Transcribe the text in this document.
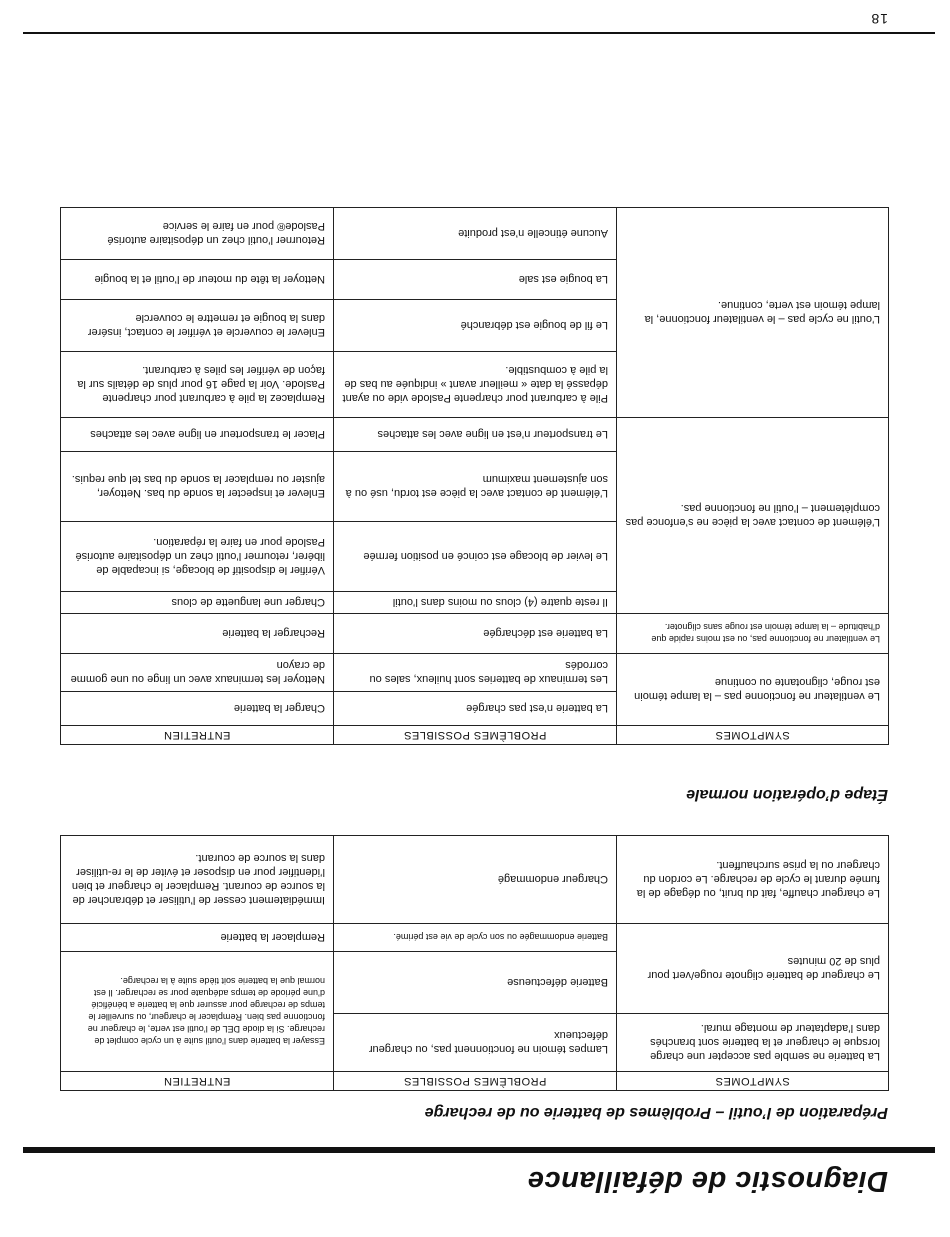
Diagnostic de défaillance
Préparation de l’outil – Problèmes de batterie ou de recharge
SYMPTOMES	PROBLÈMES POSSIBLES	ENTRETIEN
La batterie ne semble pas accepter une charge lorsque le chargeur et la batterie sont branchés dans l’adaptateur de montage mural.	Lampes témoin ne fonctionnent pas, ou chargeur défectueux	Essayer la batterie dans l’outil suite à un cycle complet de recharge. Si la diode DEL de l’outil est verte, le chargeur ne fonctionne pas bien. Remplacer le chargeur, ou surveiller le temps de recharge pour assurer que la batterie a bénéficié d’une période de temps adéquate pour se recharger. Il est normal que la batterie soit tiède suite à la recharge.
Le chargeur de batterie clignote rouge/vert pour plus de 20 minutes	Batterie défectueuse	
	Batterie endommagée ou son cycle de vie est périmé.	Remplacer la batterie
Le chargeur chauffe, fait du bruit, ou dégage de la fumée durant le cycle de recharge. Le cordon du chargeur ou la prise surchauffent.	Chargeur endommagé	Immédiatement cesser de l’utiliser et débrancher de la source de courant. Remplacer le chargeur et bien l’identifier pour en disposer et éviter de le re-utiliser dans la source de courant.
Étape d’opération normale
SYMPTOMES	PROBLÈMES POSSIBLES	ENTRETIEN
Le ventilateur ne fonctionne pas – la lampe témoin est rouge, clignotante ou continue	La batterie n’est pas chargée	Charger la batterie
	Les terminaux de batteries sont huileux, sales ou corrodés	Nettoyer les terminaux avec un linge ou une gomme de crayon
Le ventilateur ne fonctionne pas, ou est moins rapide que d’habitude – la lampe témoin est rouge sans clignoter.	La batterie est déchargée	Recharger la batterie
L’élément de contact avec la pièce ne s’enfonce pas complètement – l’outil ne fonctionne pas.	Il reste quatre (4) clous ou moins dans l’outil	Charger une languette de clous
	Le levier de blocage est coincé en position fermée	Vérifier le dispositif de blocage, si incapable de libérer, retourner l’outil chez un dépositaire autorisé Paslode pour en faire la réparation.
	L’élément de contact avec la pièce est tordu, usé ou à son ajustement maximum	Enlever et inspecter la sonde du bas. Nettoyer, ajuster ou remplacer la sonde du bas tel que requis.
	Le transporteur n’est en ligne avec les attaches	Placer le transporteur en ligne avec les attaches
L’outil ne cycle pas – le ventilateur fonctionne, la lampe témoin est verte, continue.	Pile à carburant pour charpente Paslode vide ou ayant dépassé la date « meilleur avant » indiquée au bas de la pile à combustible.	Remplacez la pile à carburant pour charpente Paslode. Voir la page 16 pour plus de détails sur la façon de vérifier les piles à carburant.
	Le fil de bougie est débranché	Enlever le couvercle et vérifier le contact, insérer dans la bougie et remettre le couvercle
	La bougie est sale	Nettoyer la tête du moteur de l’outil et la bougie
	Aucune étincelle n’est produite	Retourner l’outil chez un dépositaire autorisé Paslode® pour en faire le service
18
